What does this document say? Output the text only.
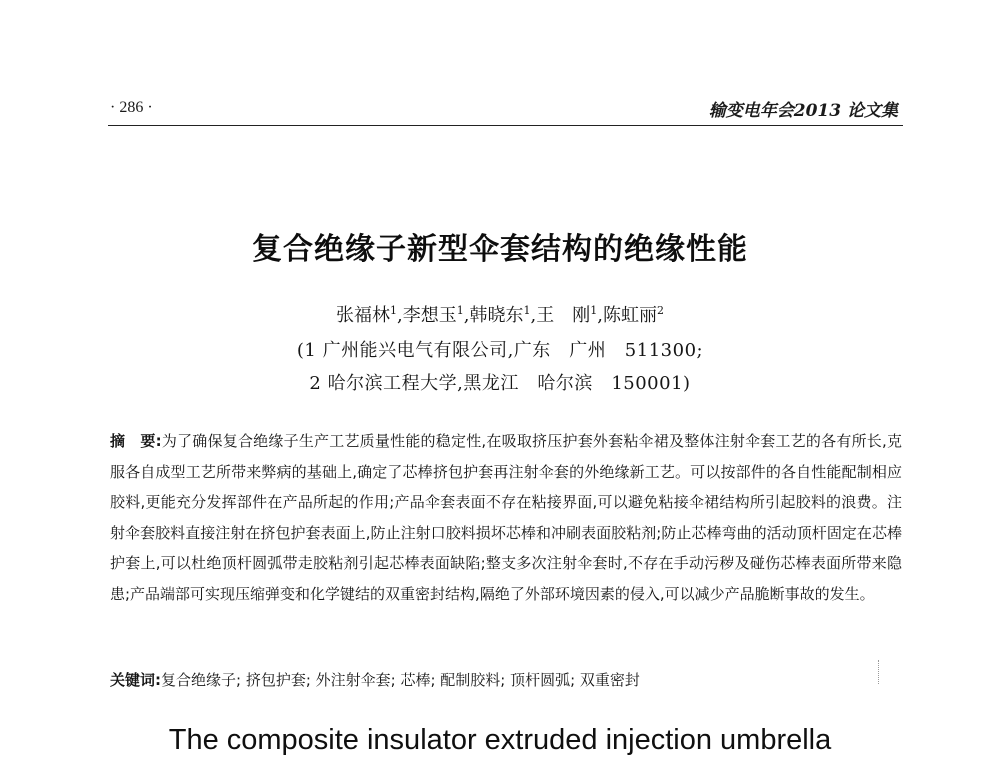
· 286 ·	输变电年会2013 论文集
复合绝缘子新型伞套结构的绝缘性能
张福林$^1$,李想玉$^1$,韩晓东$^1$,王　刚$^1$,陈虹丽$^2$
(1 广州能兴电气有限公司,广东　广州　511300;
2 哈尔滨工程大学,黑龙江　哈尔滨　150001)
摘　要:为了确保复合绝缘子生产工艺质量性能的稳定性,在吸取挤压护套外套粘伞裙及整体注射伞套工艺的各有所长,克服各自成型工艺所带来弊病的基础上,确定了芯棒挤包护套再注射伞套的外绝缘新工艺。可以按部件的各自性能配制相应胶料,更能充分发挥部件在产品所起的作用;产品伞套表面不存在粘接界面,可以避免粘接伞裙结构所引起胶料的浪费。注射伞套胶料直接注射在挤包护套表面上,防止注射口胶料损坏芯棒和冲刷表面胶粘剂;防止芯棒弯曲的活动顶杆固定在芯棒护套上,可以杜绝顶杆圆弧带走胶粘剂引起芯棒表面缺陷;整支多次注射伞套时,不存在手动污秽及碰伤芯棒表面所带来隐患;产品端部可实现压缩弹变和化学键结的双重密封结构,隔绝了外部环境因素的侵入,可以减少产品脆断事故的发生。
关键词:复合绝缘子; 挤包护套; 外注射伞套; 芯棒; 配制胶料; 顶杆圆弧; 双重密封
The composite insulator extruded injection umbrella
